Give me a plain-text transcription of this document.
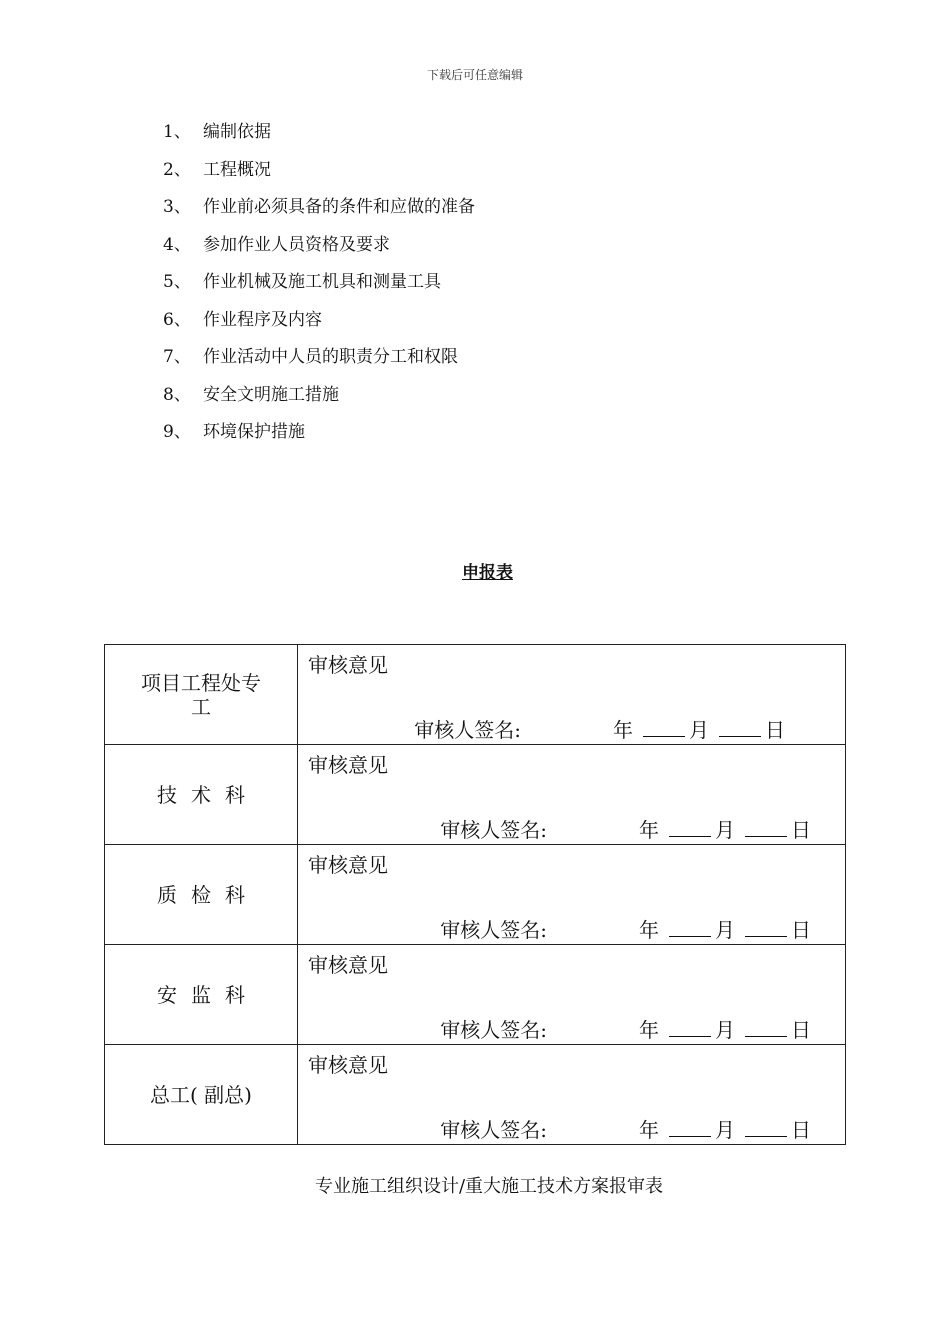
下载后可任意编辑
1、 编制依据
2、 工程概况
3、 作业前必须具备的条件和应做的准备
4、 参加作业人员资格及要求
5、 作业机械及施工机具和测量工具
6、 作业程序及内容
7、 作业活动中人员的职责分工和权限
8、 安全文明施工措施
9、 环境保护措施
申报表
项目工程处专工	审核意见
审核人签名: 年 月 日

技术科	审核意见
审核人签名: 年 月 日

质检科	审核意见
审核人签名: 年 月 日

安监科	审核意见
审核人签名: 年 月 日

总工( 副总)	审核意见
审核人签名: 年 月 日
专业施工组织设计/重大施工技术方案报审表
